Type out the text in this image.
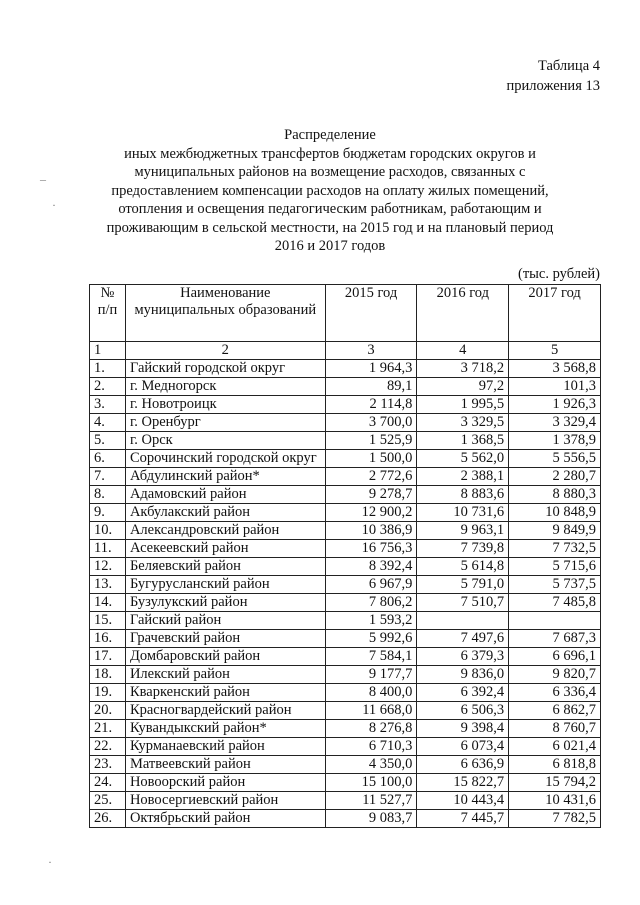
Таблица 4
приложения 13
Распределение
иных межбюджетных трансфертов бюджетам городских округов и
муниципальных районов на возмещение расходов, связанных с
предоставлением компенсации расходов на оплату жилых помещений,
отопления и освещения педагогическим работникам, работающим и
проживающим в сельской местности, на 2015 год и на плановый период
2016 и 2017 годов
(тыс. рублей)
–
·
·
№ п/п	Наименование муниципальных образований	2015 год	2016 год	2017 год
1	2	3	4	5
1.	Гайский городской округ	1 964,3	3 718,2	3 568,8
2.	г. Медногорск	89,1	97,2	101,3
3.	г. Новотроицк	2 114,8	1 995,5	1 926,3
4.	г. Оренбург	3 700,0	3 329,5	3 329,4
5.	г. Орск	1 525,9	1 368,5	1 378,9
6.	Сорочинский городской округ	1 500,0	5 562,0	5 556,5
7.	Абдулинский район*	2 772,6	2 388,1	2 280,7
8.	Адамовский район	9 278,7	8 883,6	8 880,3
9.	Акбулакский район	12 900,2	10 731,6	10 848,9
10.	Александровский район	10 386,9	9 963,1	9 849,9
11.	Асекеевский район	16 756,3	7 739,8	7 732,5
12.	Беляевский район	8 392,4	5 614,8	5 715,6
13.	Бугурусланский район	6 967,9	5 791,0	5 737,5
14.	Бузулукский район	7 806,2	7 510,7	7 485,8
15.	Гайский район	1 593,2		
16.	Грачевский район	5 992,6	7 497,6	7 687,3
17.	Домбаровский район	7 584,1	6 379,3	6 696,1
18.	Илекский район	9 177,7	9 836,0	9 820,7
19.	Кваркенский район	8 400,0	6 392,4	6 336,4
20.	Красногвардейский район	11 668,0	6 506,3	6 862,7
21.	Кувандыкский район*	8 276,8	9 398,4	8 760,7
22.	Курманаевский район	6 710,3	6 073,4	6 021,4
23.	Матвеевский район	4 350,0	6 636,9	6 818,8
24.	Новоорский район	15 100,0	15 822,7	15 794,2
25.	Новосергиевский район	11 527,7	10 443,4	10 431,6
26.	Октябрьский район	9 083,7	7 445,7	7 782,5
